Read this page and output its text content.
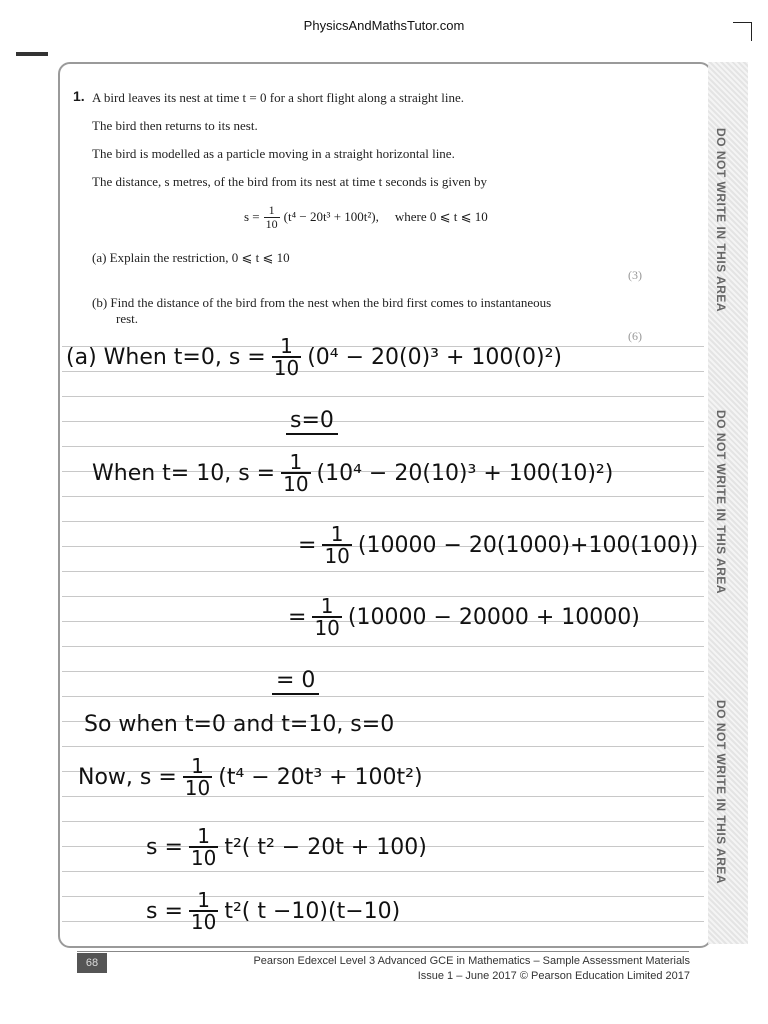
PhysicsAndMathsTutor.com
DO NOT WRITE IN THIS AREA
DO NOT WRITE IN THIS AREA
DO NOT WRITE IN THIS AREA
1. A bird leaves its nest at time t = 0 for a short flight along a straight line.
The bird then returns to its nest.
The bird is modelled as a particle moving in a straight horizontal line.
The distance, s metres, of the bird from its nest at time t seconds is given by
$s = \frac{1}{10} (t^4 - 20t^3 + 100t^2)$, where 0 ⩽ t ⩽ 10
(a) Explain the restriction, 0 ⩽ t ⩽ 10
(3)
(b) Find the distance of the bird from the nest when the bird first comes to instantaneous
rest.
(6)
(a) When t=0, $s = \frac{1}{10} (0^4 - 20(0)^3 + 100(0)^2)$
s=0
When t= 10, $s = \frac{1}{10} (10^4 - 20(10)^3 + 100(10)^2)$
= $\frac{1}{10} (10000 - 20(1000)+100(100))$
= $\frac{1}{10} (10000 - 20000 + 10000)$
= 0
So when t=0 and t=10, s=0
Now, $s = \frac{1}{10} (t^4 - 20t^3 + 100t^2)$
$s = \frac{1}{10} t^2$( t² − 20t + 100)
$s = \frac{1}{10} t^2$( t −10)(t−10)
68	Pearson Edexcel Level 3 Advanced GCE in Mathematics – Sample Assessment Materials
Issue 1 – June 2017 © Pearson Education Limited 2017
